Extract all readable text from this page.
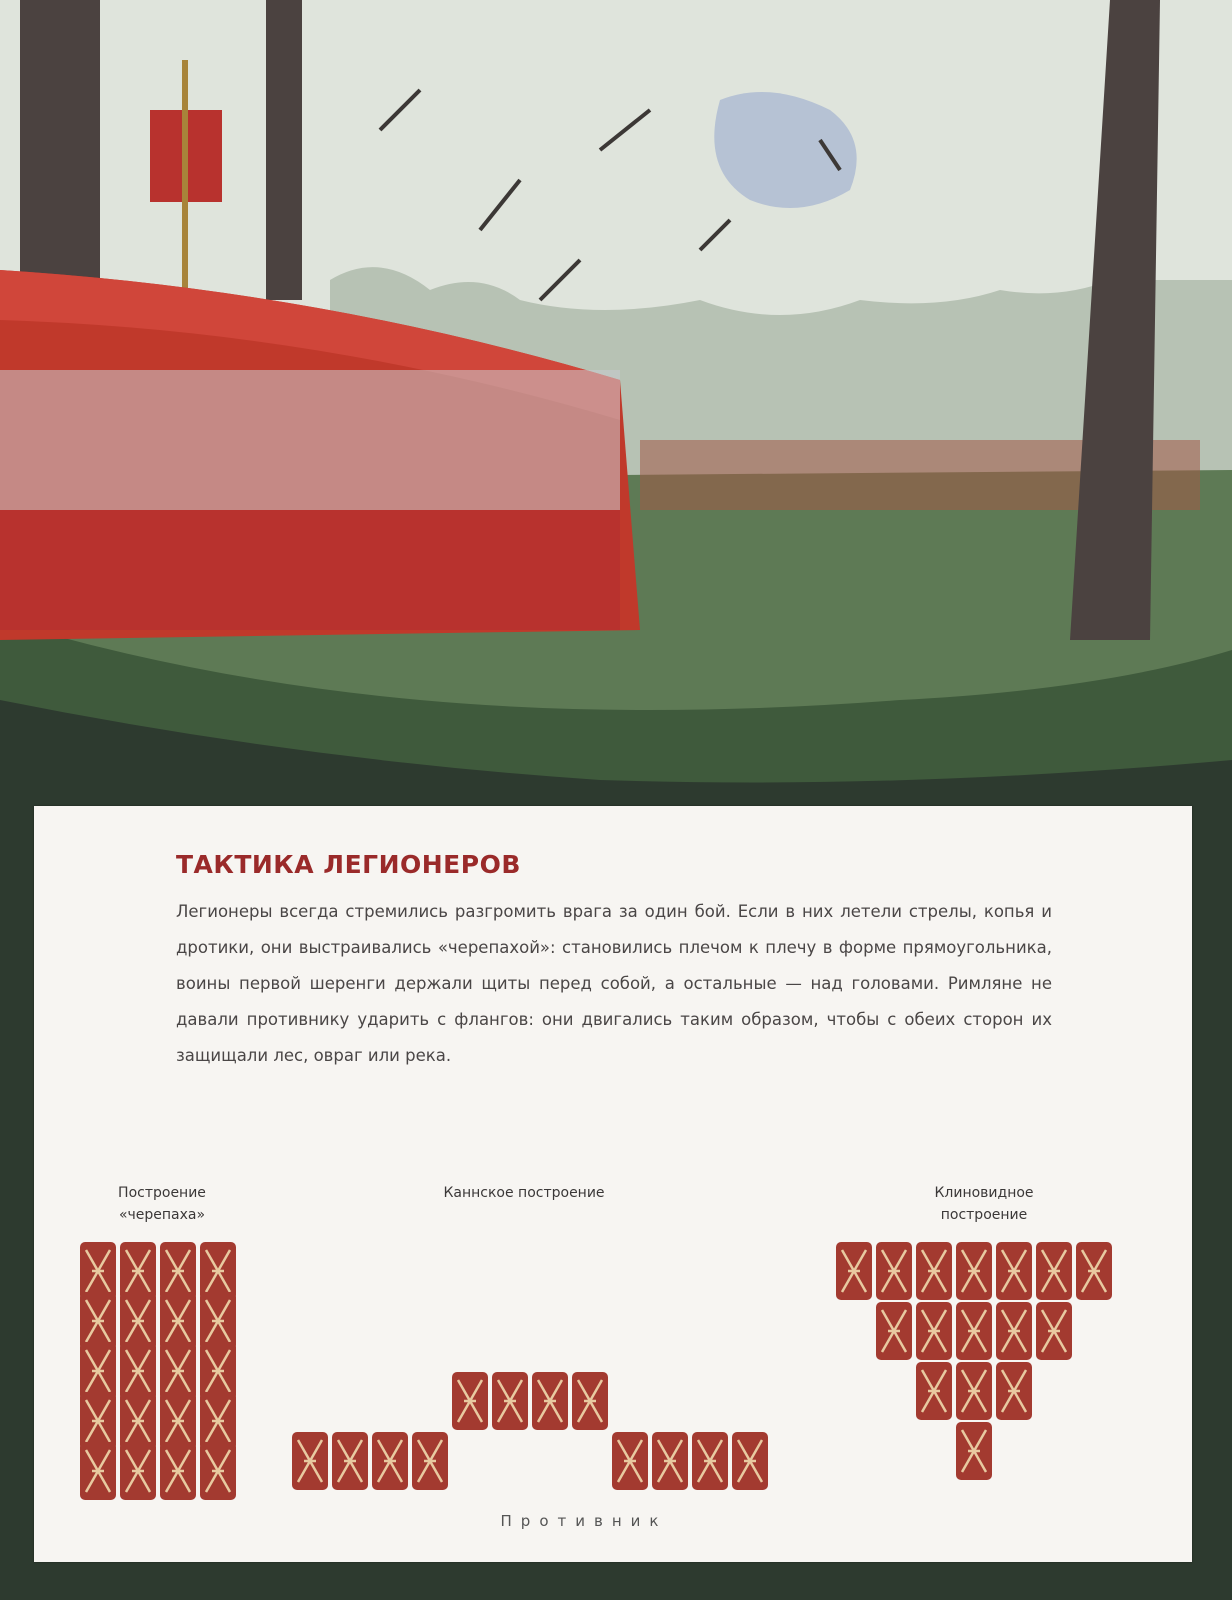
ТАКТИКА ЛЕГИОНЕРОВ

Легионеры всегда стремились разгромить врага за один бой. Если в них летели стрелы, копья и дротики, они выстраивались «черепахой»: становились плечом к плечу в форме прямоугольника, воины первой шеренги держали щиты перед собой, а остальные — над головами. Римляне не давали противнику ударить с флангов: они двигались таким образом, чтобы с обеих сторон их защищали лес, овраг или река.

Построение «черепаха»
Каннское построение	Клиновидное построение
Противник
